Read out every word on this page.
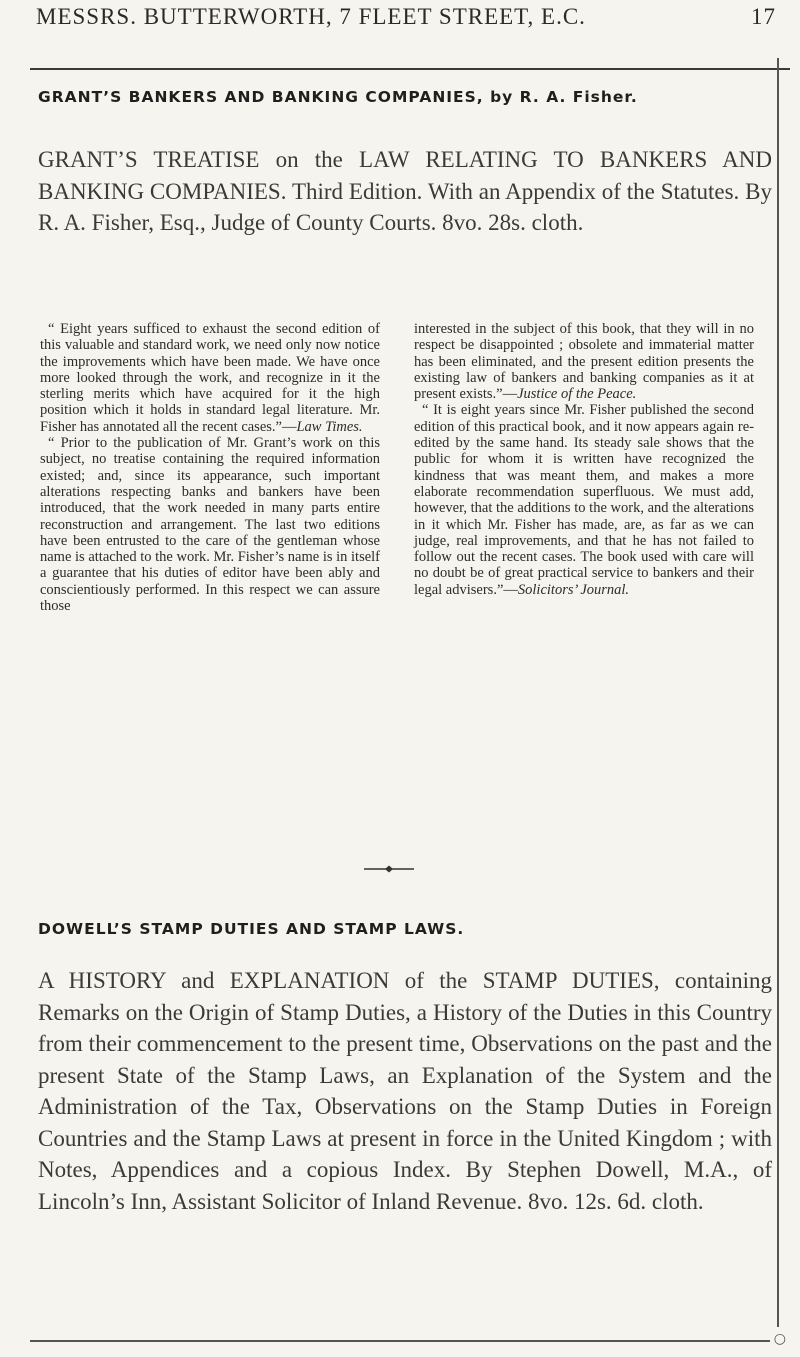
MESSRS. BUTTERWORTH, 7 FLEET STREET, E.C.	17
GRANT’S BANKERS AND BANKING COMPANIES, by R. A. Fisher.

GRANT’S TREATISE on the LAW RELATING TO BANKERS AND BANKING COMPANIES. Third Edition. With an Appendix of the Statutes. By R. A. Fisher, Esq., Judge of County Courts. 8vo. 28s. cloth.

“ Eight years sufficed to exhaust the second edition of this valuable and standard work, we need only now notice the improvements which have been made. We have once more looked through the work, and recognize in it the sterling merits which have acquired for it the high position which it holds in standard legal literature. Mr. Fisher has annotated all the recent cases.”—Law Times.

“ Prior to the publication of Mr. Grant’s work on this subject, no treatise containing the required information existed; and, since its appearance, such important alterations respecting banks and bankers have been introduced, that the work needed in many parts entire reconstruction and arrangement. The last two editions have been entrusted to the care of the gentleman whose name is attached to the work. Mr. Fisher’s name is in itself a guarantee that his duties of editor have been ably and conscientiously performed. In this respect we can assure those

interested in the subject of this book, that they will in no respect be disappointed ; obsolete and immaterial matter has been eliminated, and the present edition presents the existing law of bankers and banking companies as it at present exists.”—Justice of the Peace.

“ It is eight years since Mr. Fisher published the second edition of this practical book, and it now appears again re-edited by the same hand. Its steady sale shows that the public for whom it is written have recognized the kindness that was meant them, and makes a more elaborate recommendation superfluous. We must add, however, that the additions to the work, and the alterations in it which Mr. Fisher has made, are, as far as we can judge, real improvements, and that he has not failed to follow out the recent cases. The book used with care will no doubt be of great practical service to bankers and their legal advisers.”—Solicitors’ Journal.

DOWELL’S STAMP DUTIES AND STAMP LAWS.

A HISTORY and EXPLANATION of the STAMP DUTIES, containing Remarks on the Origin of Stamp Duties, a History of the Duties in this Country from their commencement to the present time, Observations on the past and the present State of the Stamp Laws, an Explanation of the System and the Administration of the Tax, Observations on the Stamp Duties in Foreign Countries and the Stamp Laws at present in force in the United Kingdom ; with Notes, Appendices and a copious Index. By Stephen Dowell, M.A., of Lincoln’s Inn, Assistant Solicitor of Inland Revenue. 8vo. 12s. 6d. cloth.

○
